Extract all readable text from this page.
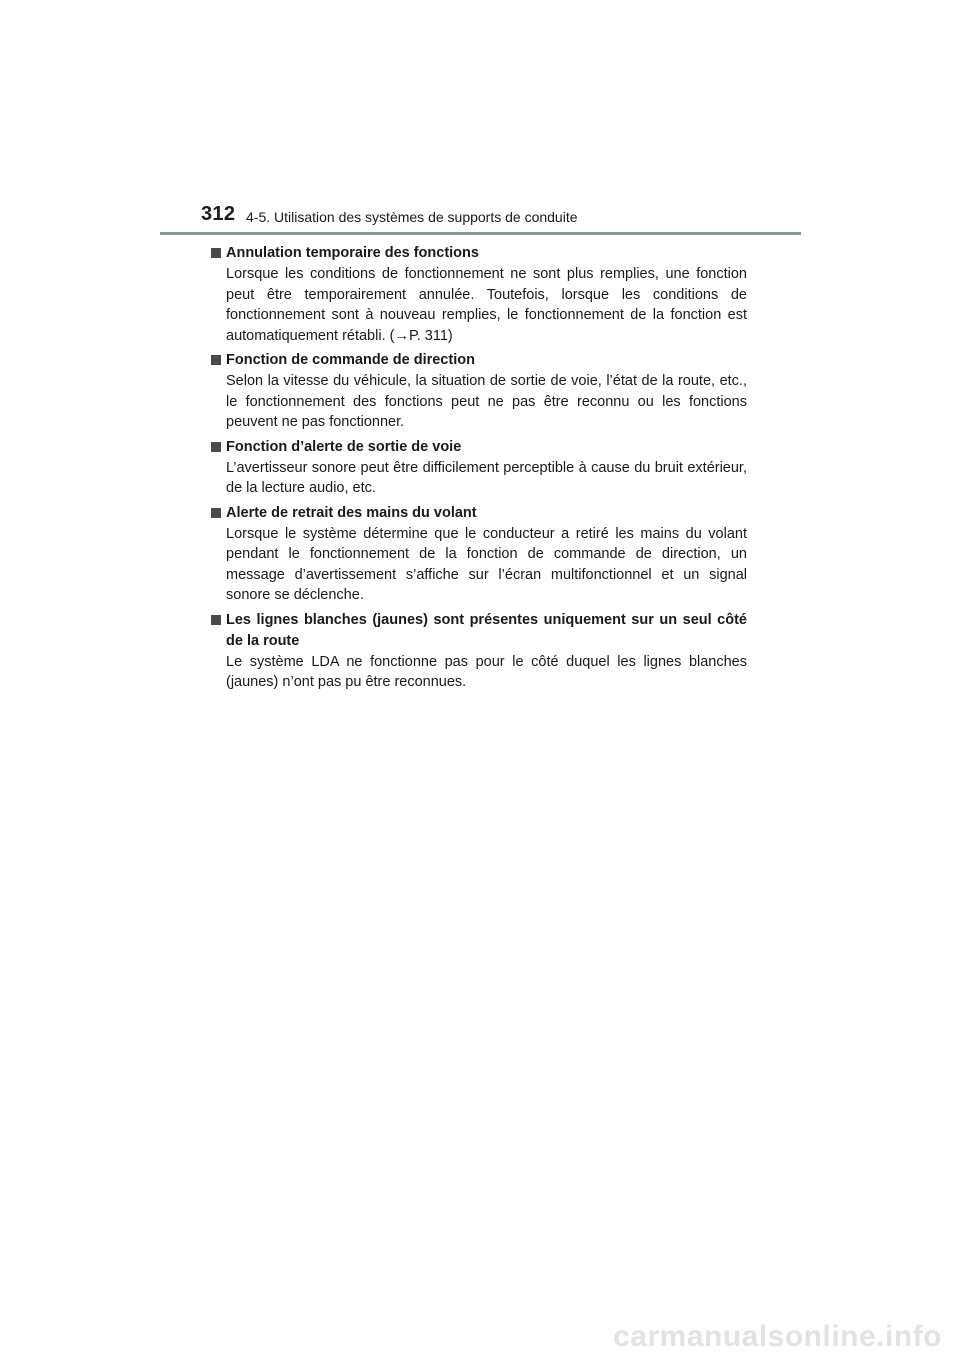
312 4-5. Utilisation des systèmes de supports de conduite
Annulation temporaire des fonctions
Lorsque les conditions de fonctionnement ne sont plus remplies, une fonction peut être temporairement annulée. Toutefois, lorsque les conditions de fonctionnement sont à nouveau remplies, le fonctionnement de la fonction est automatiquement rétabli. (→P. 311)
Fonction de commande de direction
Selon la vitesse du véhicule, la situation de sortie de voie, l’état de la route, etc., le fonctionnement des fonctions peut ne pas être reconnu ou les fonctions peuvent ne pas fonctionner.
Fonction d’alerte de sortie de voie
L’avertisseur sonore peut être difficilement perceptible à cause du bruit extérieur, de la lecture audio, etc.
Alerte de retrait des mains du volant
Lorsque le système détermine que le conducteur a retiré les mains du volant pendant le fonctionnement de la fonction de commande de direction, un message d’avertissement s’affiche sur l’écran multifonctionnel et un signal sonore se déclenche.
Les lignes blanches (jaunes) sont présentes uniquement sur un seul côté de la route
Le système LDA ne fonctionne pas pour le côté duquel les lignes blanches (jaunes) n’ont pas pu être reconnues.
carmanualsonline.info
